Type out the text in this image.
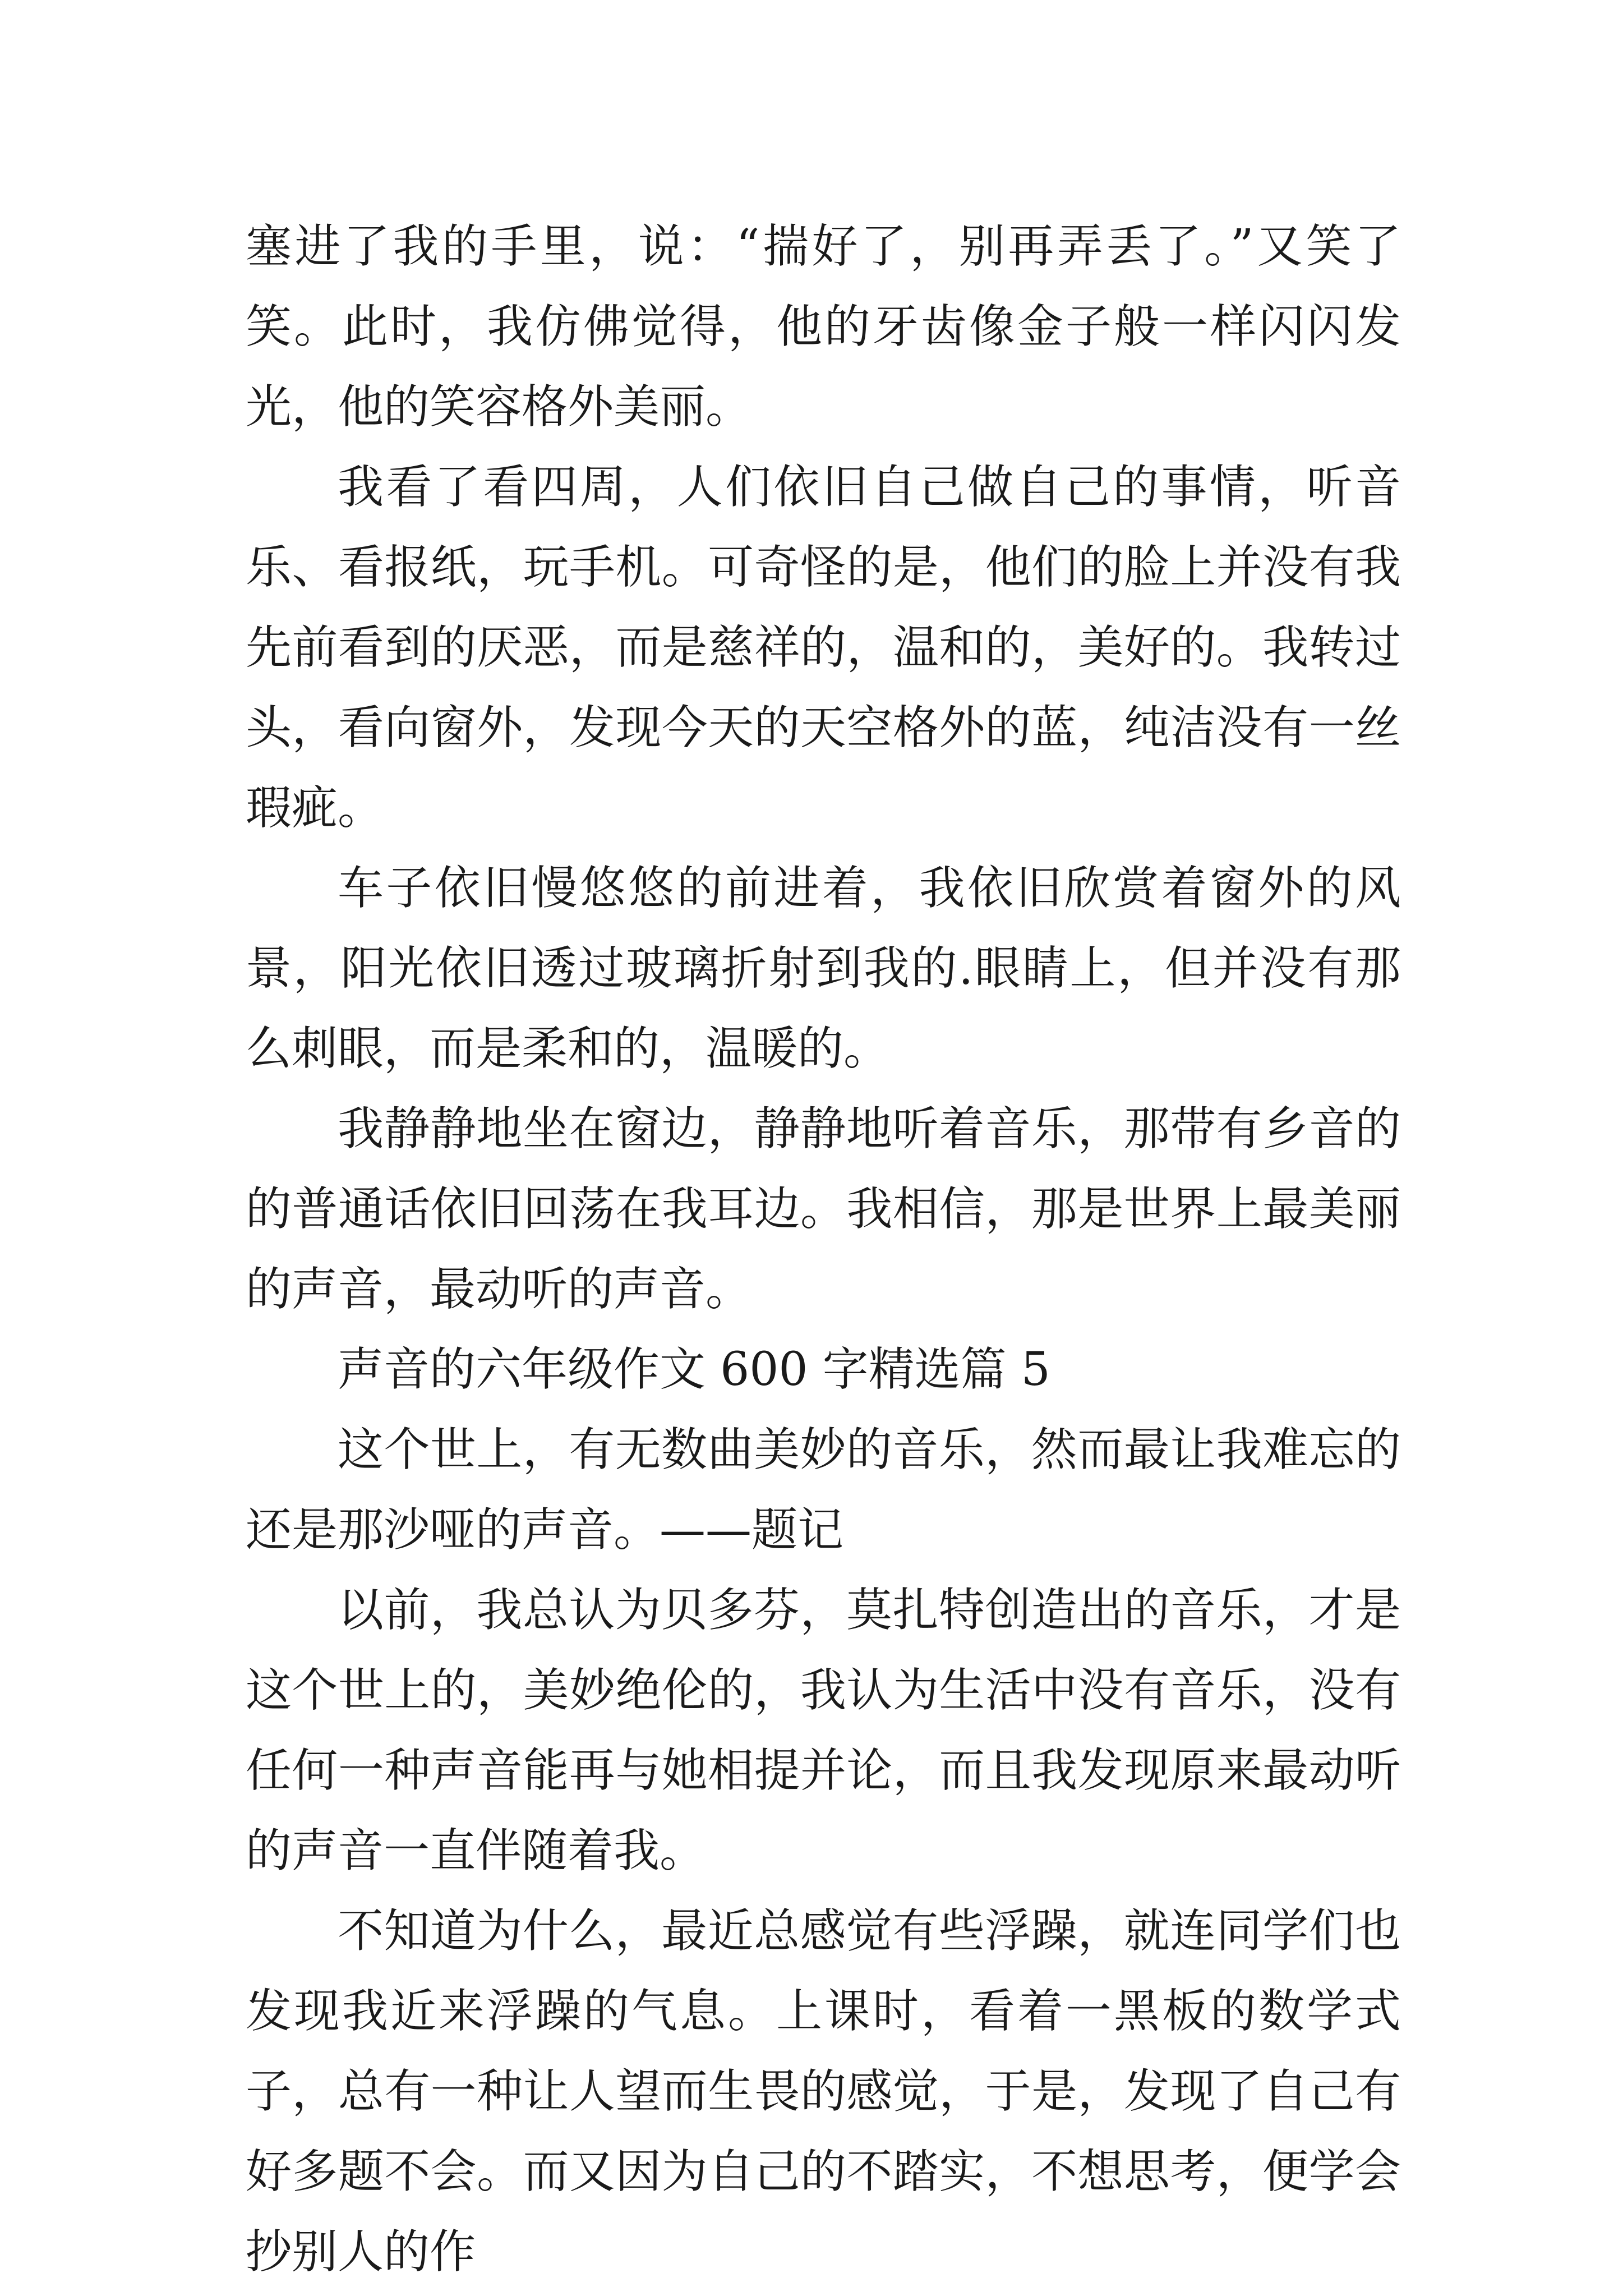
塞进了我的手里，说：“揣好了，别再弄丢了。”又笑了笑。此时，我仿佛觉得，他的牙齿像金子般一样闪闪发光，他的笑容格外美丽。

我看了看四周，人们依旧自己做自己的事情，听音乐、看报纸，玩手机。可奇怪的是，他们的脸上并没有我先前看到的厌恶，而是慈祥的，温和的，美好的。我转过头，看向窗外，发现今天的天空格外的蓝，纯洁没有一丝瑕疵。

车子依旧慢悠悠的前进着，我依旧欣赏着窗外的风景，阳光依旧透过玻璃折射到我的.眼睛上，但并没有那么刺眼，而是柔和的，温暖的。

我静静地坐在窗边，静静地听着音乐，那带有乡音的的普通话依旧回荡在我耳边。我相信，那是世界上最美丽的声音，最动听的声音。

声音的六年级作文 600 字精选篇 5

这个世上，有无数曲美妙的音乐，然而最让我难忘的还是那沙哑的声音。——题记

以前，我总认为贝多芬，莫扎特创造出的音乐，才是这个世上的，美妙绝伦的，我认为生活中没有音乐，没有任何一种声音能再与她相提并论，而且我发现原来最动听的声音一直伴随着我。

不知道为什么，最近总感觉有些浮躁，就连同学们也发现我近来浮躁的气息。上课时，看着一黑板的数学式子，总有一种让人望而生畏的感觉，于是，发现了自己有好多题不会。而又因为自己的不踏实，不想思考，便学会抄别人的作
